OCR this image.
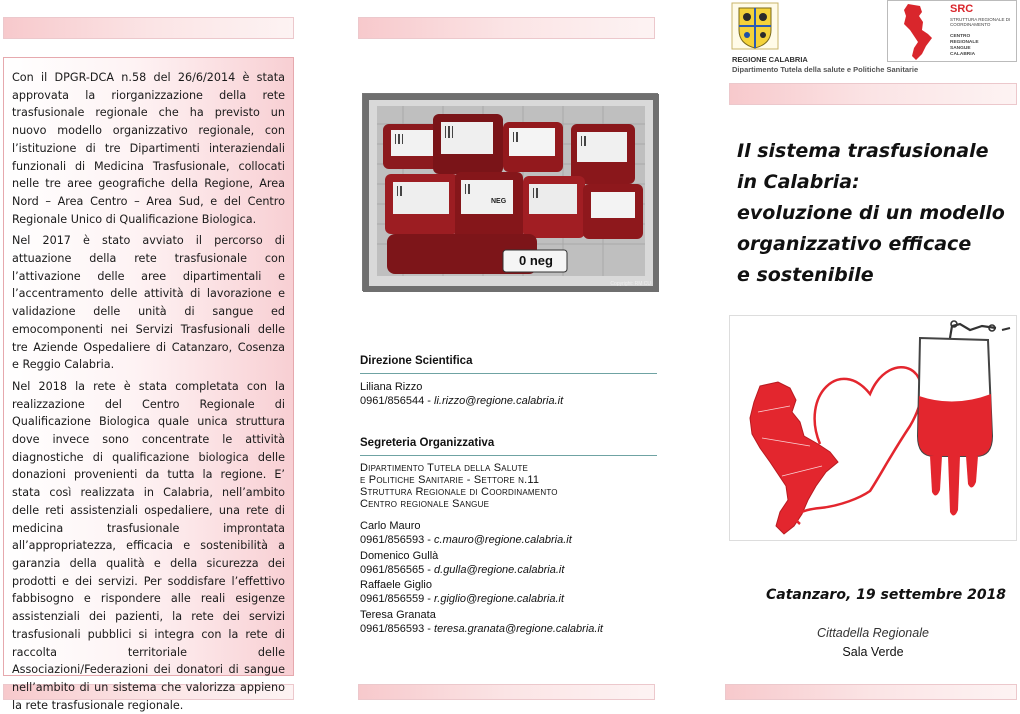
Con il DPGR-DCA n.58 del 26/6/2014 è stata approvata la riorganizzazione della rete trasfusionale regionale che ha previsto un nuovo modello organizzativo regionale, con l’istituzione di tre Dipartimenti interaziendali funzionali di Medicina Trasfusionale, collocati nelle tre aree geografiche della Regione, Area Nord – Area Centro – Area Sud, e del Centro Regionale Unico di Qualificazione Biologica.

Nel 2017 è stato avviato il percorso di attuazione della rete trasfusionale con l’attivazione delle aree dipartimentali e l’accentramento delle attività di lavorazione e validazione delle unità di sangue ed emocomponenti nei Servizi Trasfusionali delle tre Aziende Ospedaliere di Catanzaro, Cosenza e Reggio Calabria.

Nel 2018 la rete è stata completata con la realizzazione del Centro Regionale di Qualificazione Biologica quale unica struttura dove invece sono concentrate le attività diagnostiche di qualificazione biologica delle donazioni provenienti da tutta la regione. E’ stata così realizzata in Calabria, nell’ambito delle reti assistenziali ospedaliere, una rete di medicina trasfusionale improntata all’appropriatezza, efficacia e sostenibilità a garanzia della qualità e della sicurezza dei prodotti e dei servizi. Per soddisfare l’effettivo fabbisogno e rispondere alle reali esigenze assistenziali dei pazienti, la rete dei servizi trasfusionali pubblici si integra con la rete di raccolta territoriale delle Associazioni/Federazioni dei donatori di sangue nell’ambito di un sistema che valorizza appieno la rete trasfusionale regionale.

0 neg
NEG
Copyright: RM CU
Direzione Scientifica
Liliana Rizzo
0961/856544 - li.rizzo@regione.calabria.it
Segreteria Organizzativa
Dipartimento Tutela della Salute
e Politiche Sanitarie - Settore n.11
Struttura Regionale di Coordinamento
Centro regionale Sangue
Carlo Mauro
0961/856593 - c.mauro@regione.calabria.it
Domenico Gullà
0961/856565 - d.gulla@regione.calabria.it
Raffaele Giglio
0961/856559 - r.giglio@regione.calabria.it
Teresa Granata
0961/856593 - teresa.granata@regione.calabria.it
SRC
STRUTTURA REGIONALE DI
COORDINAMENTO
CENTRO
REGIONALE
SANGUE
CALABRIA
REGIONE CALABRIA
Dipartimento Tutela della salute e Politiche Sanitarie
Il sistema trasfusionale
in Calabria:
evoluzione di un modello
organizzativo efficace
e sostenibile
Catanzaro, 19 settembre 2018
Cittadella Regionale
Sala Verde
